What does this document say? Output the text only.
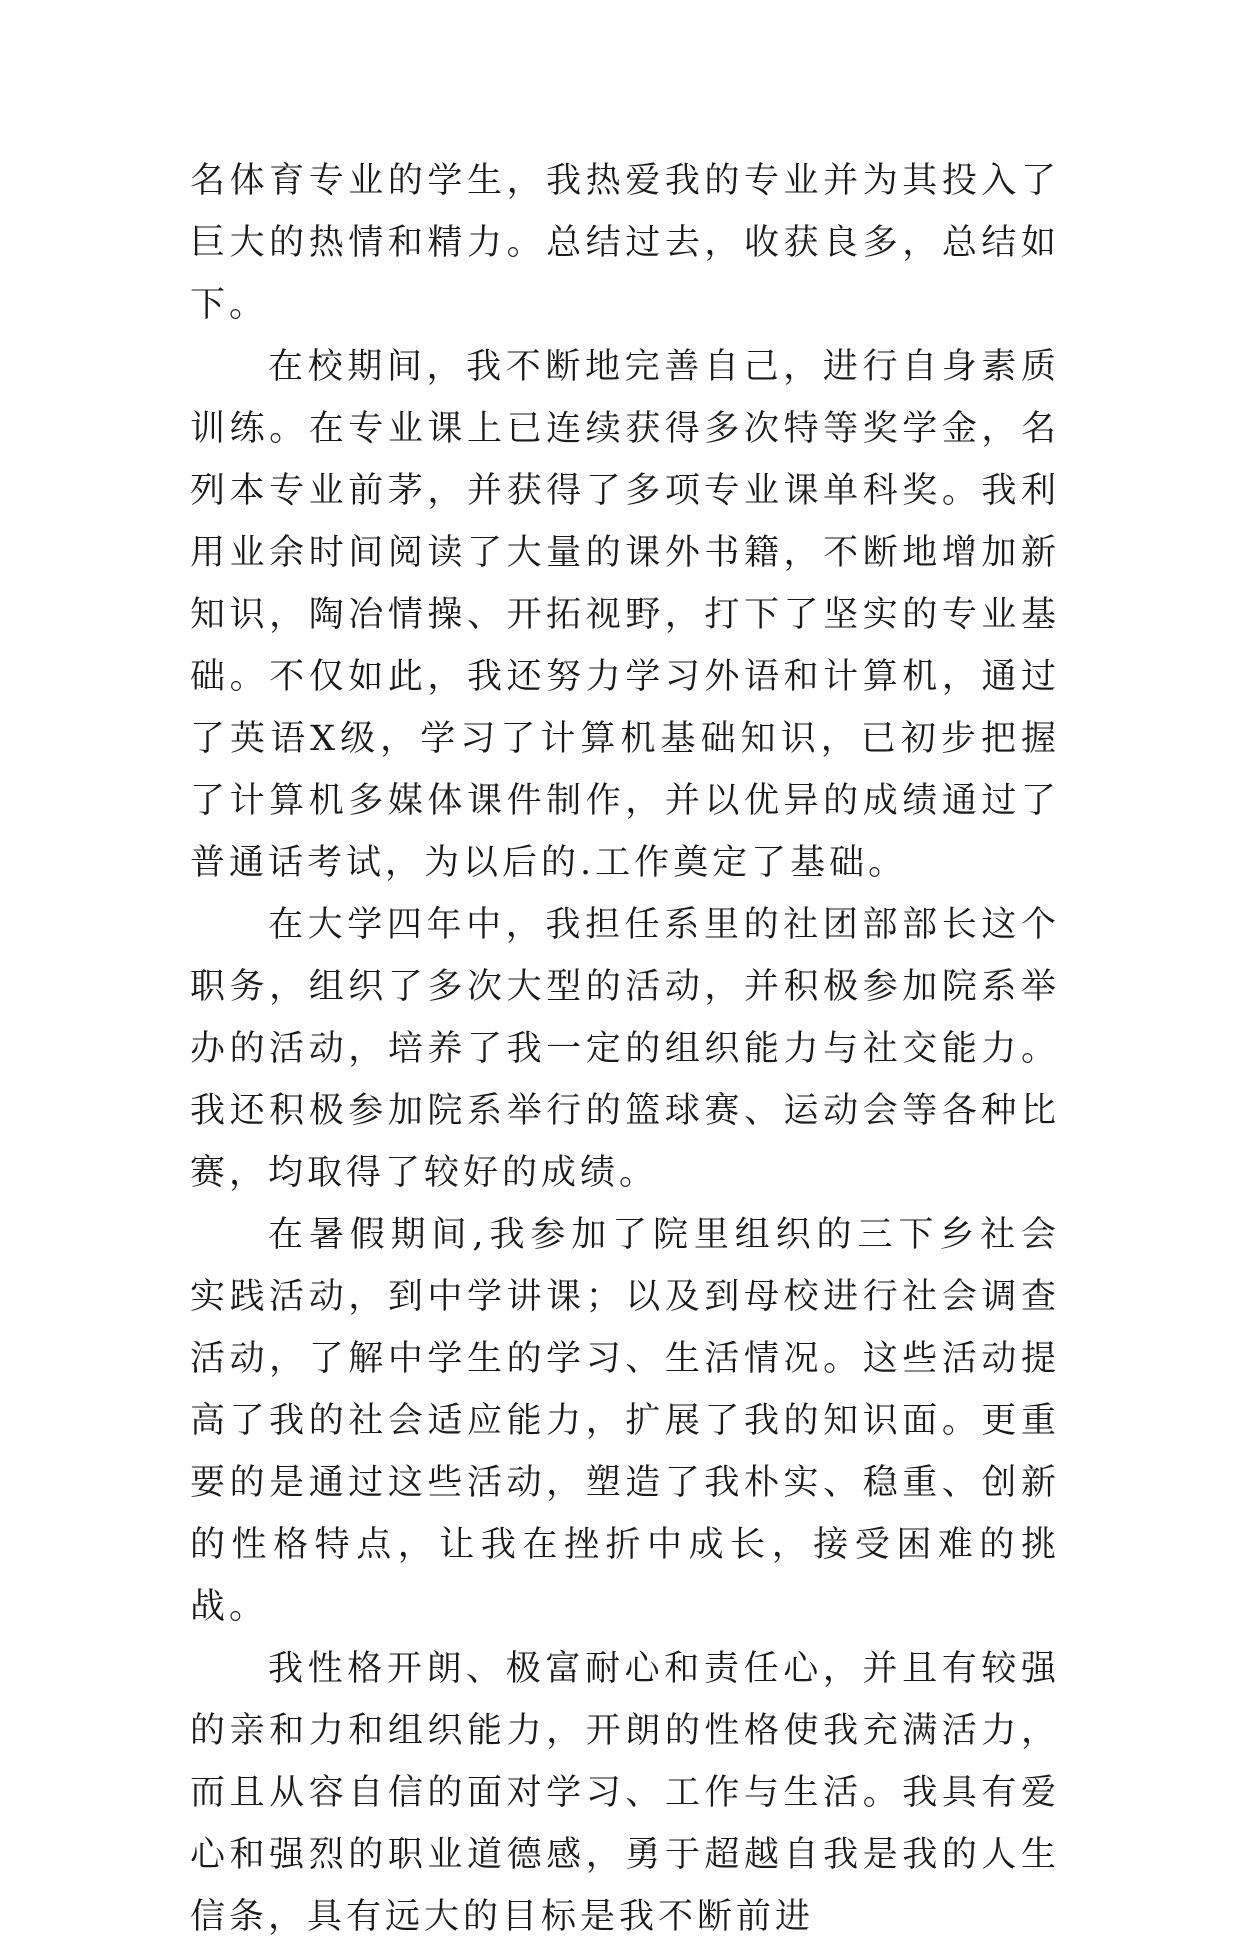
名体育专业的学生，我热爱我的专业并为其投入了巨大的热情和精力。总结过去，收获良多，总结如下。

在校期间，我不断地完善自己，进行自身素质训练。在专业课上已连续获得多次特等奖学金，名列本专业前茅，并获得了多项专业课单科奖。我利用业余时间阅读了大量的课外书籍，不断地增加新知识，陶冶情操、开拓视野，打下了坚实的专业基础。不仅如此，我还努力学习外语和计算机，通过了英语X级，学习了计算机基础知识，已初步把握了计算机多媒体课件制作，并以优异的成绩通过了普通话考试，为以后的.工作奠定了基础。

在大学四年中，我担任系里的社团部部长这个职务，组织了多次大型的活动，并积极参加院系举办的活动，培养了我一定的组织能力与社交能力。我还积极参加院系举行的篮球赛、运动会等各种比赛，均取得了较好的成绩。

在暑假期间,我参加了院里组织的三下乡社会实践活动，到中学讲课；以及到母校进行社会调查活动，了解中学生的学习、生活情况。这些活动提高了我的社会适应能力，扩展了我的知识面。更重要的是通过这些活动，塑造了我朴实、稳重、创新的性格特点，让我在挫折中成长，接受困难的挑战。

我性格开朗、极富耐心和责任心，并且有较强的亲和力和组织能力，开朗的性格使我充满活力，而且从容自信的面对学习、工作与生活。我具有爱心和强烈的职业道德感，勇于超越自我是我的人生信条，具有远大的目标是我不断前进
